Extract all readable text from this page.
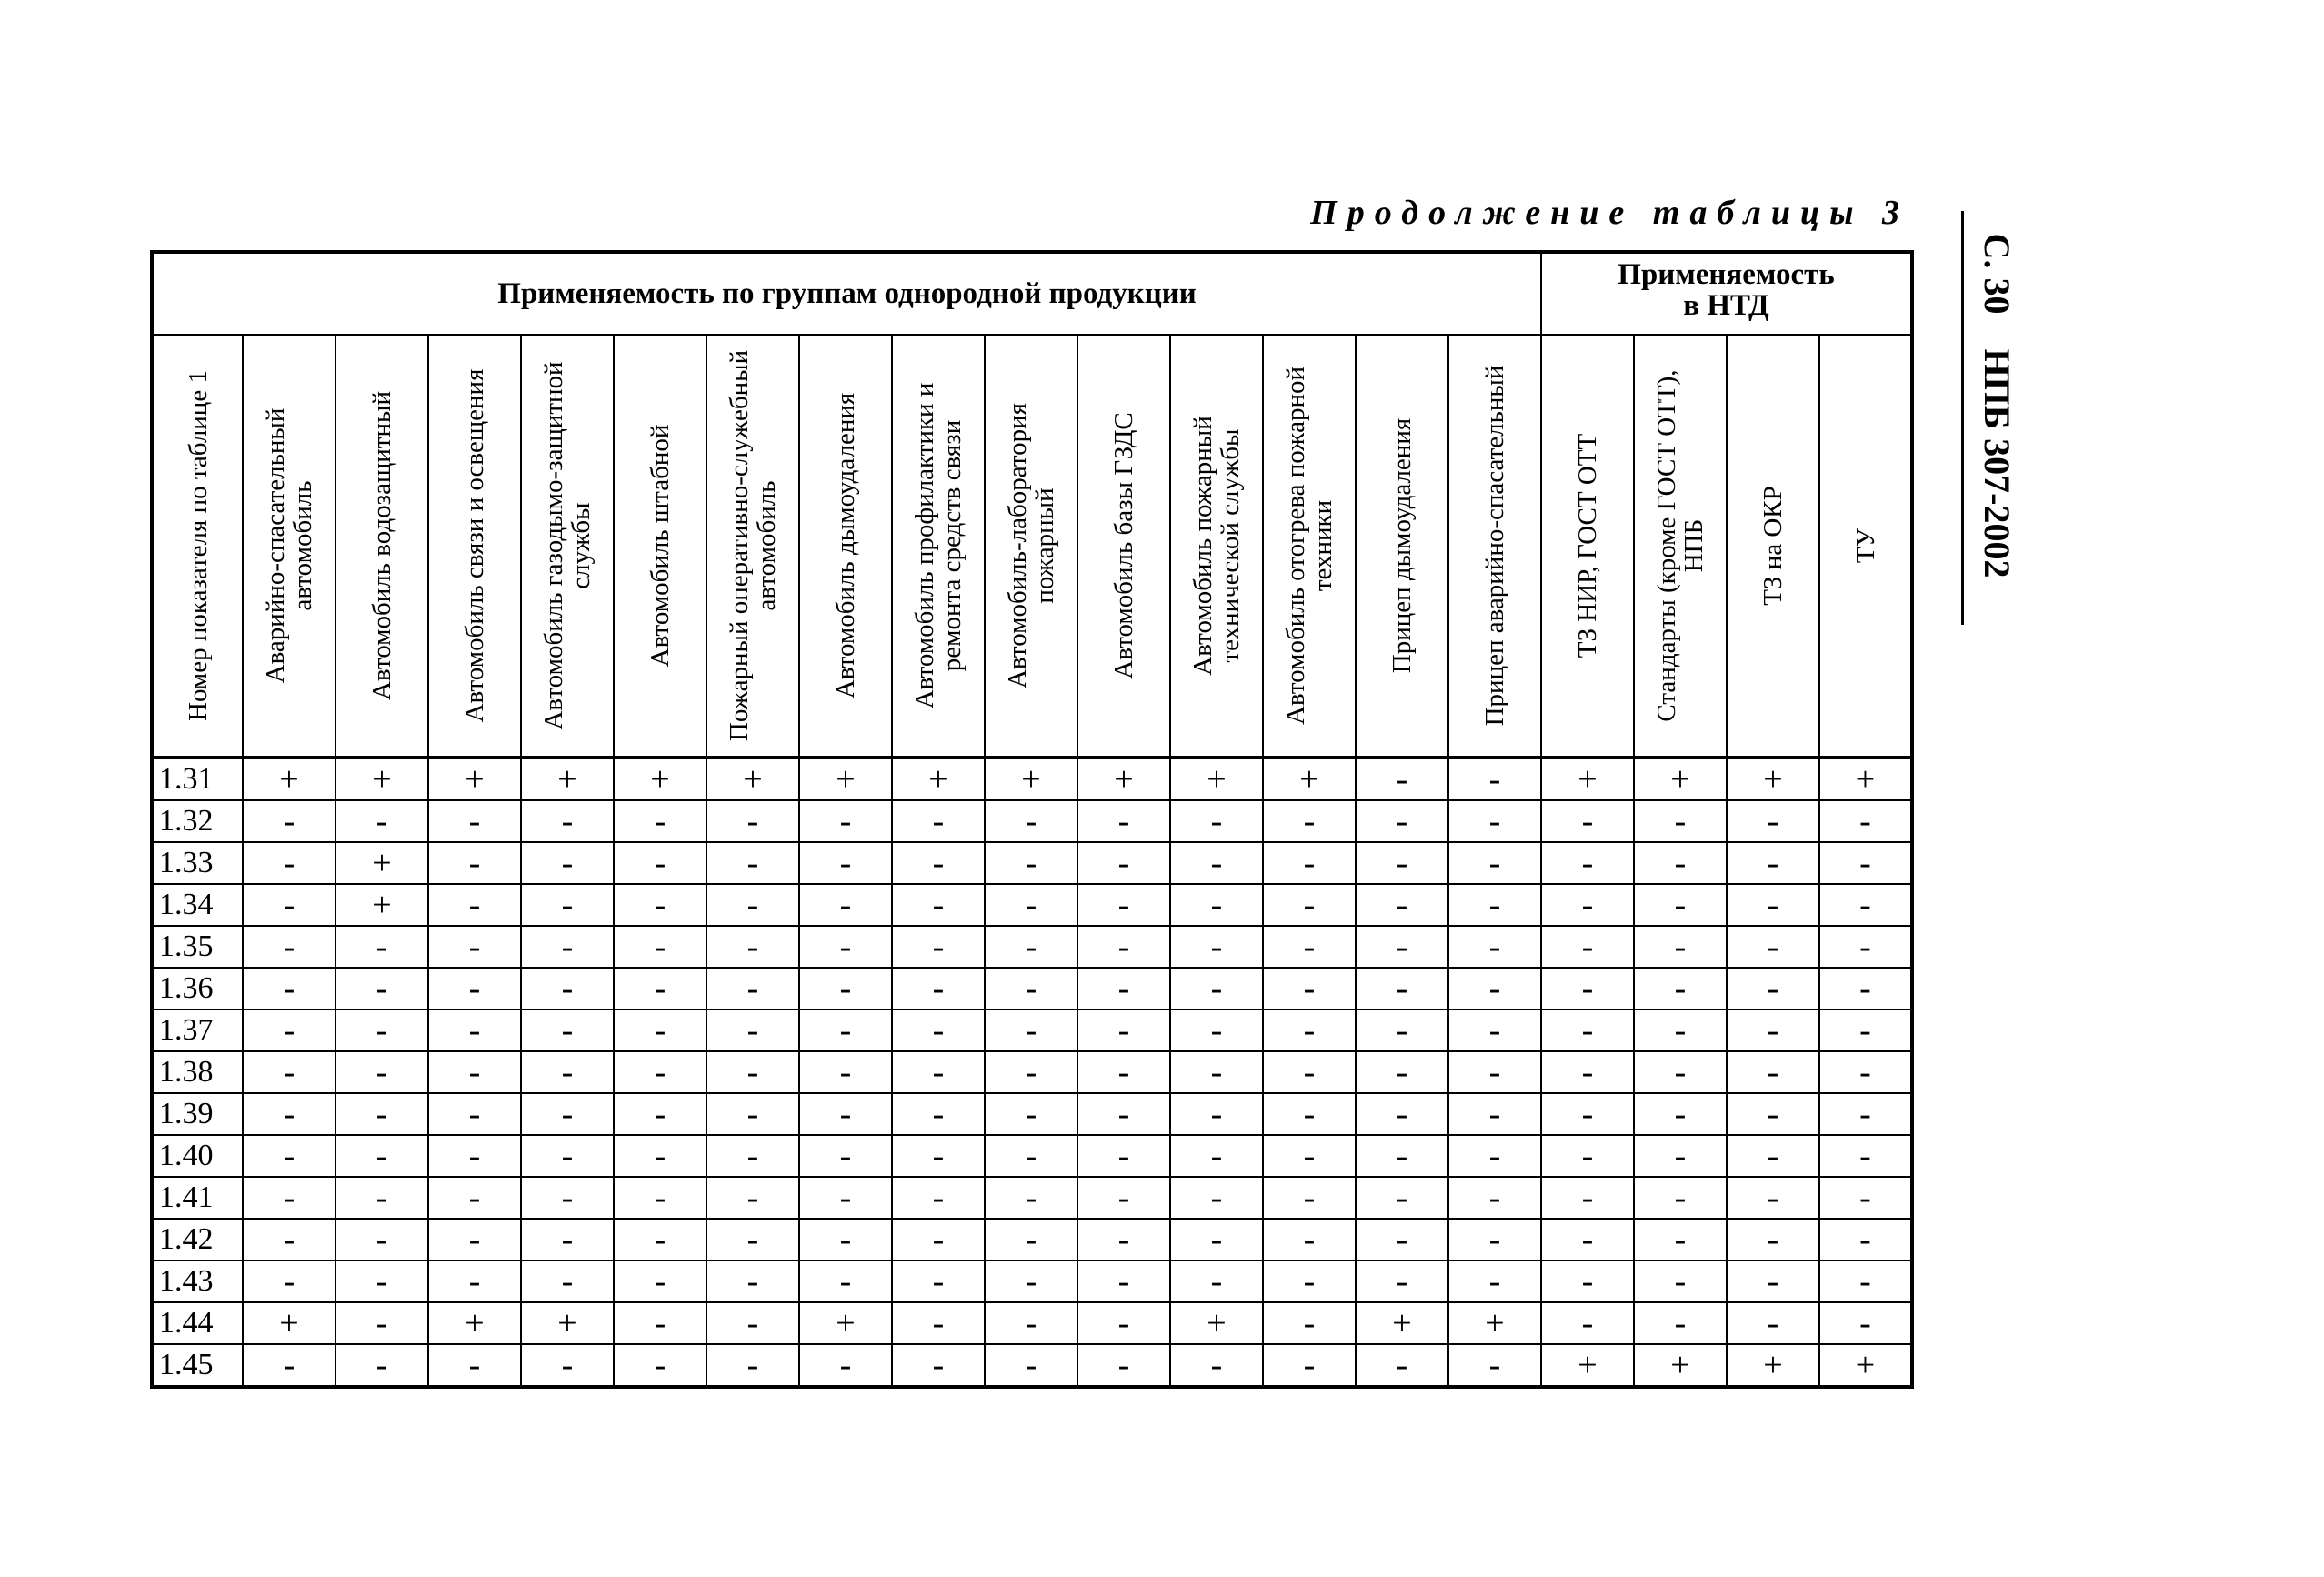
Продолжение таблицы 3
С. 30НПБ 307-2002
Применяемость по группам однородной продукции															Применяемость
в НТД			

Номер показателя по таблице 1	Аварийно-спасательный автомобиль	Автомобиль водозащитный	Автомобиль связи и освещения	Автомобиль газодымо-защитной службы	Автомобиль штабной	Пожарный оперативно-служебный автомобиль	Автомобиль дымоудаления	Автомобиль профилактики и ремонта средств связи	Автомобиль-лаборатория пожарный	Автомобиль базы ГЗДС	Автомобиль пожарный технической службы	Автомобиль отогрева пожарной техники	Прицеп дымоудаления	Прицеп аварийно-спасательный	ТЗ НИР, ГОСТ ОТТ	Стандарты (кроме ГОСТ ОТТ), НПБ	ТЗ на ОКР	ТУ

1.31	+	+	+	+	+	+	+	+	+	+	+	+	-	-	+	+	+	+
1.32	-	-	-	-	-	-	-	-	-	-	-	-	-	-	-	-	-	-
1.33	-	+	-	-	-	-	-	-	-	-	-	-	-	-	-	-	-	-
1.34	-	+	-	-	-	-	-	-	-	-	-	-	-	-	-	-	-	-
1.35	-	-	-	-	-	-	-	-	-	-	-	-	-	-	-	-	-	-
1.36	-	-	-	-	-	-	-	-	-	-	-	-	-	-	-	-	-	-
1.37	-	-	-	-	-	-	-	-	-	-	-	-	-	-	-	-	-	-
1.38	-	-	-	-	-	-	-	-	-	-	-	-	-	-	-	-	-	-
1.39	-	-	-	-	-	-	-	-	-	-	-	-	-	-	-	-	-	-
1.40	-	-	-	-	-	-	-	-	-	-	-	-	-	-	-	-	-	-
1.41	-	-	-	-	-	-	-	-	-	-	-	-	-	-	-	-	-	-
1.42	-	-	-	-	-	-	-	-	-	-	-	-	-	-	-	-	-	-
1.43	-	-	-	-	-	-	-	-	-	-	-	-	-	-	-	-	-	-
1.44	+	-	+	+	-	-	+	-	-	-	+	-	+	+	-	-	-	-
1.45	-	-	-	-	-	-	-	-	-	-	-	-	-	-	+	+	+	+
